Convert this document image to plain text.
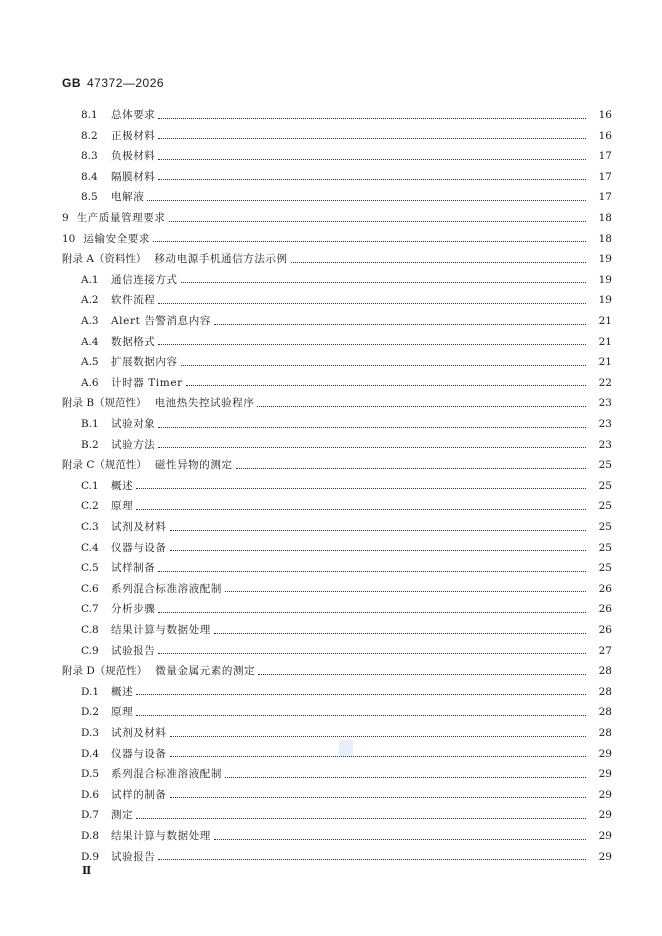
GB 47372—2026
8.1	总体要求	16
8.2	正极材料	16
8.3	负极材料	17
8.4	隔膜材料	17
8.5	电解液	17
9 生产质量管理要求	18
10 运输安全要求	18
附录 A（资料性） 移动电源手机通信方法示例	19
A.1	通信连接方式	19
A.2	软件流程	19
A.3	Alert 告警消息内容	21
A.4	数据格式	21
A.5	扩展数据内容	21
A.6	计时器 Timer	22
附录 B（规范性） 电池热失控试验程序	23
B.1	试验对象	23
B.2	试验方法	23
附录 C（规范性） 磁性异物的测定	25
C.1	概述	25
C.2	原理	25
C.3	试剂及材料	25
C.4	仪器与设备	25
C.5	试样制备	25
C.6	系列混合标准溶液配制	26
C.7	分析步骤	26
C.8	结果计算与数据处理	26
C.9	试验报告	27
附录 D（规范性） 微量金属元素的测定	28
D.1	概述	28
D.2	原理	28
D.3	试剂及材料	28
D.4	仪器与设备	29
D.5	系列混合标准溶液配制	29
D.6	试样的制备	29
D.7	测定	29
D.8	结果计算与数据处理	29
D.9	试验报告	29
Ⅱ
